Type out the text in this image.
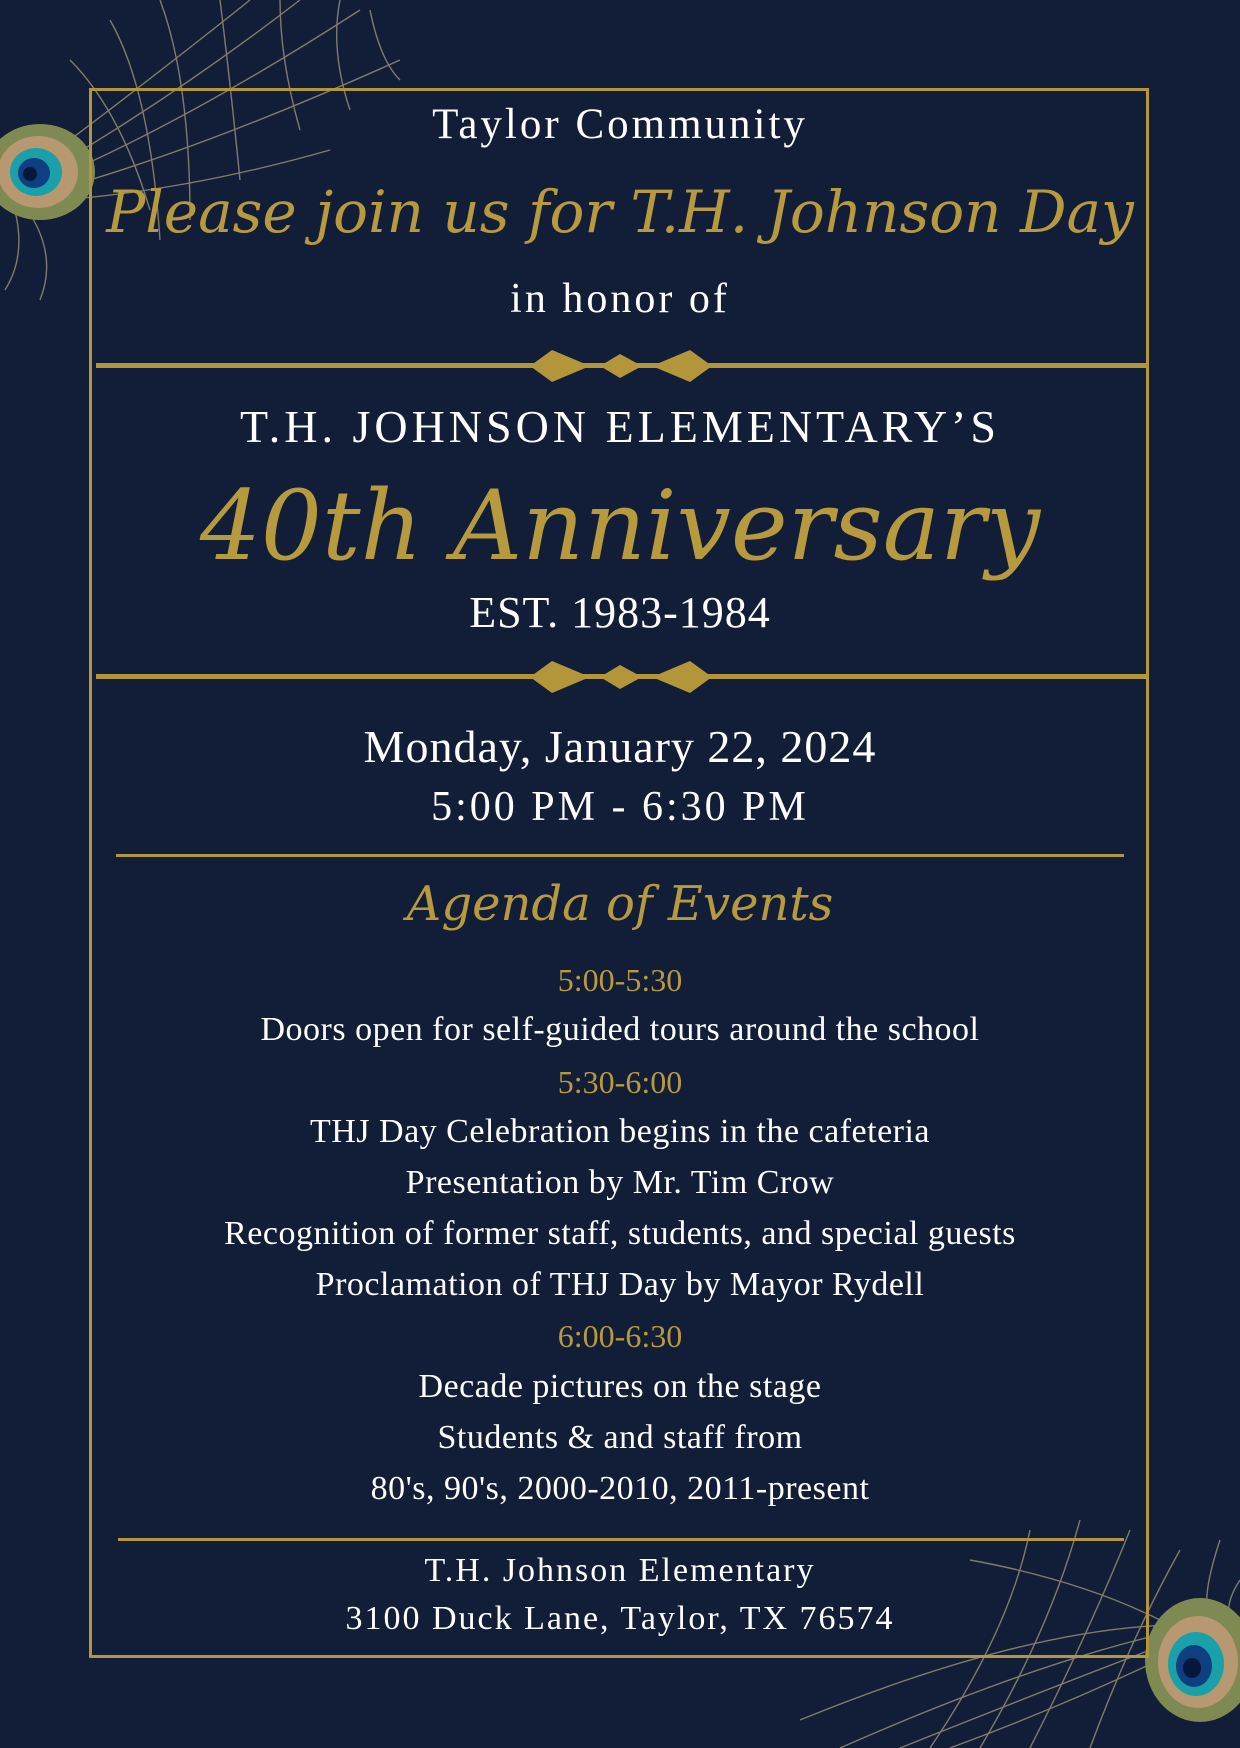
Taylor Community
Please join us for T.H. Johnson Day
in honor of
T.H. JOHNSON ELEMENTARY’S
40th Anniversary
EST. 1983-1984
Monday, January 22, 2024
5:00 PM - 6:30 PM
Agenda of Events
5:00-5:30
Doors open for self-guided tours around the school
5:30-6:00
THJ Day Celebration begins in the cafeteria
Presentation by Mr. Tim Crow
Recognition of former staff, students, and special guests
Proclamation of THJ Day by Mayor Rydell
6:00-6:30
Decade pictures on the stage
Students & and staff from
80's, 90's, 2000-2010, 2011-present
T.H. Johnson Elementary
3100 Duck Lane, Taylor, TX 76574
